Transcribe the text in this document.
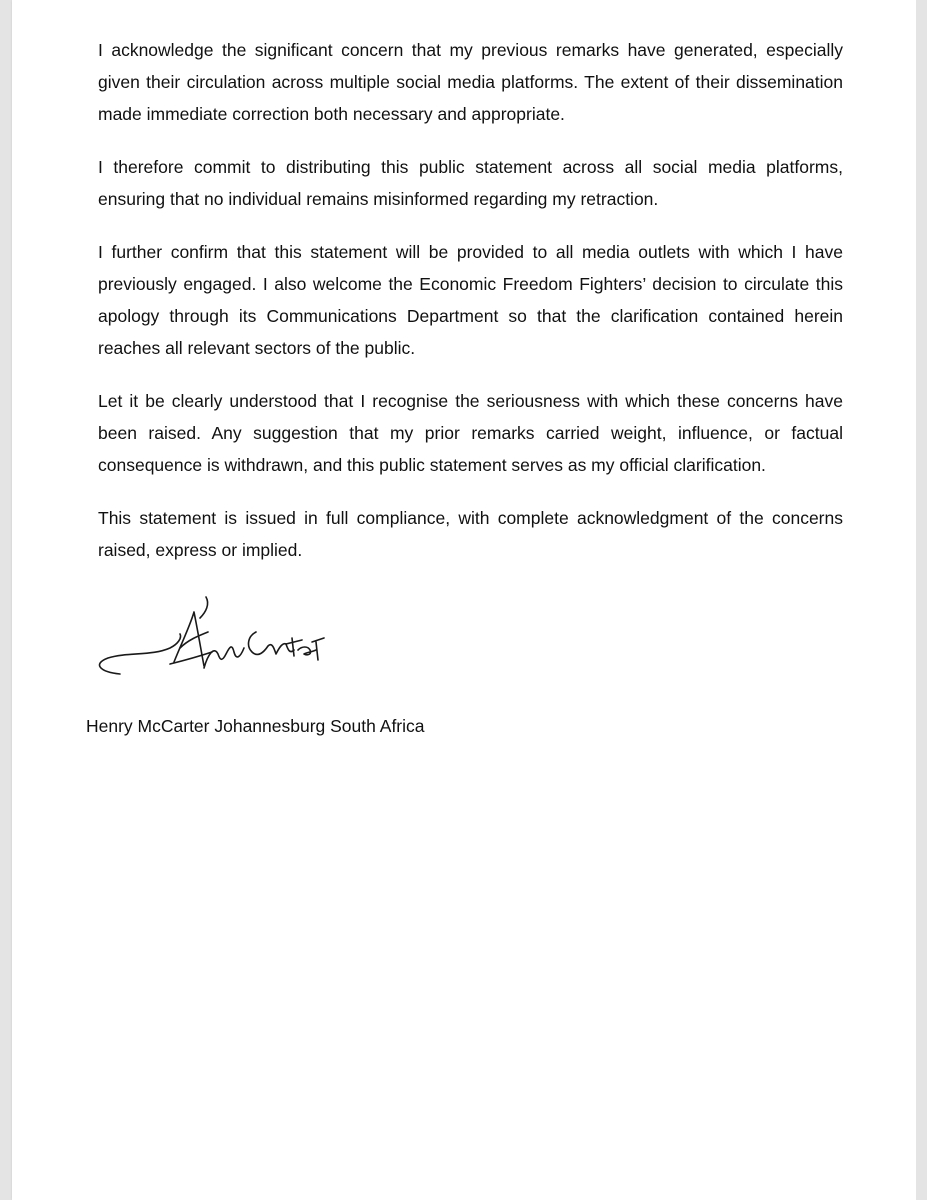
I acknowledge the significant concern that my previous remarks have generated, especially given their circulation across multiple social media platforms. The extent of their dissemination made immediate correction both necessary and appropriate.

I therefore commit to distributing this public statement across all social media platforms, ensuring that no individual remains misinformed regarding my retraction.

I further confirm that this statement will be provided to all media outlets with which I have previously engaged. I also welcome the Economic Freedom Fighters’ decision to circulate this apology through its Communications Department so that the clarification contained herein reaches all relevant sectors of the public.

Let it be clearly understood that I recognise the seriousness with which these concerns have been raised. Any suggestion that my prior remarks carried weight, influence, or factual consequence is withdrawn, and this public statement serves as my official clarification.

This statement is issued in full compliance, with complete acknowledgment of the concerns raised, express or implied.

Henry McCarter Johannesburg South Africa
